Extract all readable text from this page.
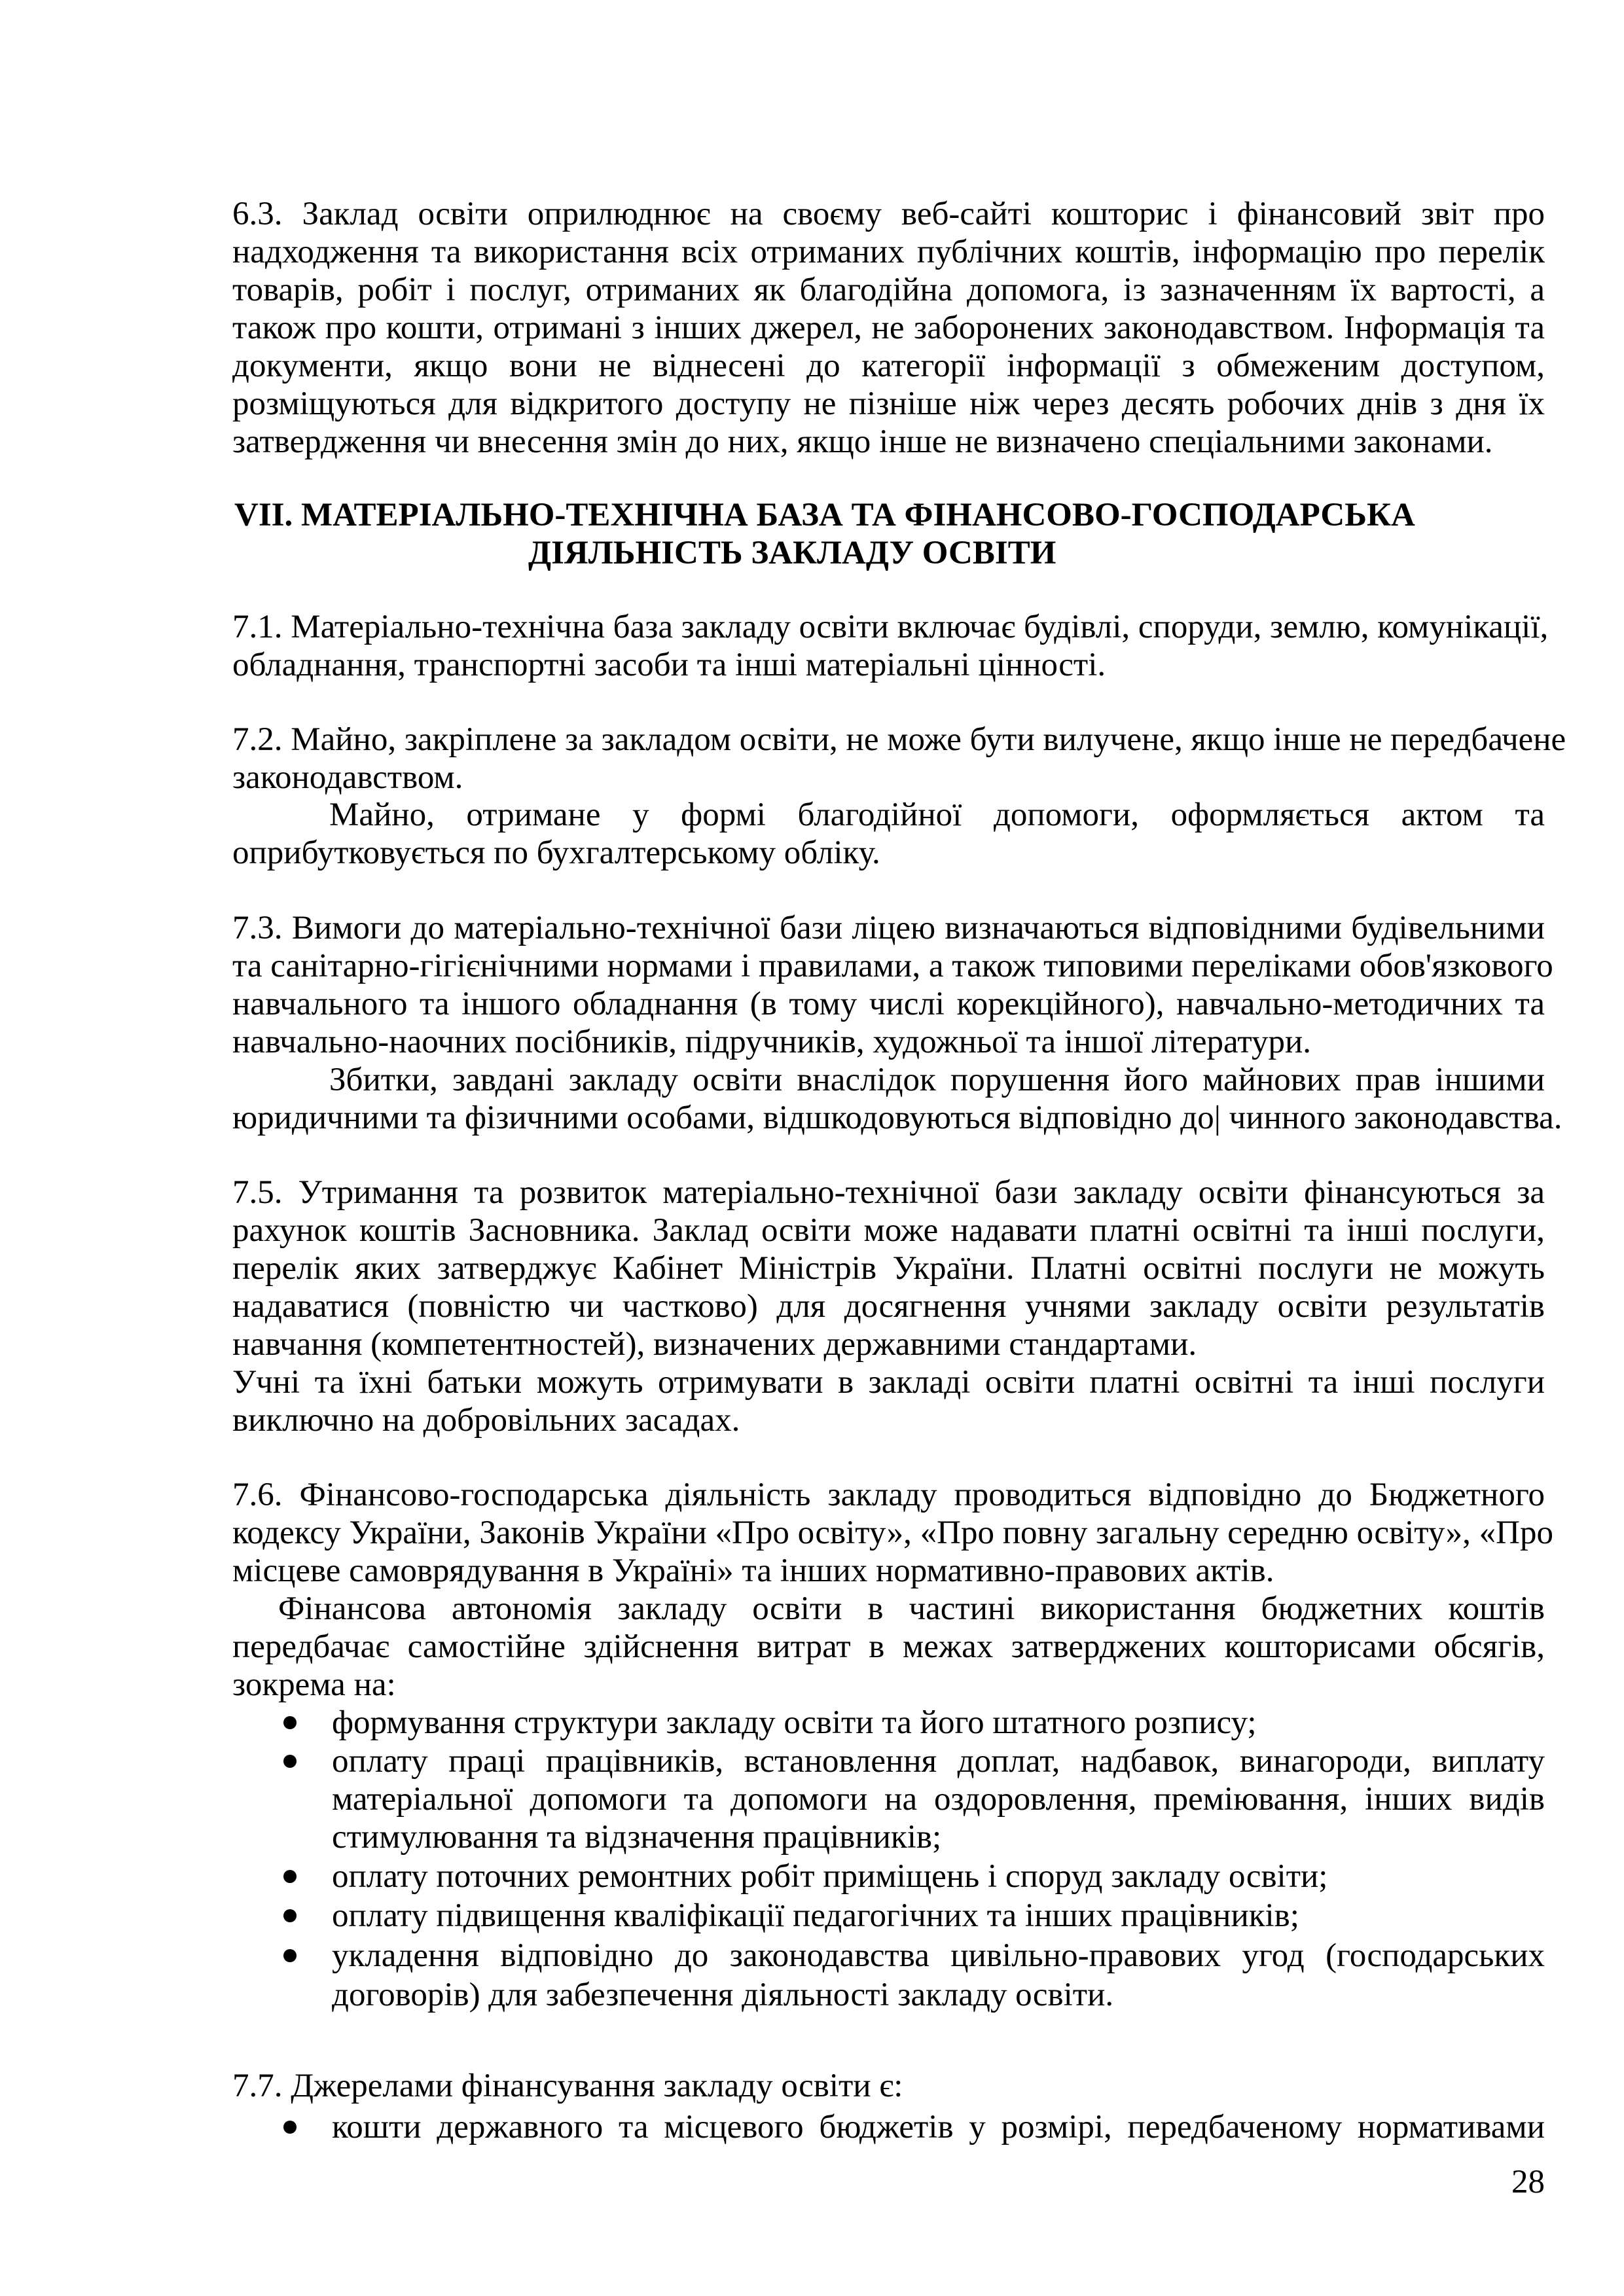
6.3. Заклад освіти оприлюднює на своєму веб-сайті кошторис і фінансовий звіт про
надходження та використання всіх отриманих публічних коштів, інформацію про перелік
товарів, робіт і послуг, отриманих як благодійна допомога, із зазначенням їх вартості, а
також про кошти, отримані з інших джерел, не заборонених законодавством. Інформація та
документи, якщо вони не віднесені до категорії інформації з обмеженим доступом,
розміщуються для відкритого доступу не пізніше ніж через десять робочих днів з дня їх
затвердження чи внесення змін до них, якщо інше не визначено спеціальними законами.
VII. МАТЕРІАЛЬНО-ТЕХНІЧНА БАЗА ТА ФІНАНСОВО-ГОСПОДАРСЬКА
ДІЯЛЬНІСТЬ ЗАКЛАДУ ОСВІТИ
7.1. Матеріально-технічна база закладу освіти включає будівлі, споруди, землю, комунікації,
обладнання, транспортні засоби та інші матеріальні цінності.
7.2. Майно, закріплене за закладом освіти, не може бути вилучене, якщо інше не передбачене
законодавством.
Майно, отримане у формі благодійної допомоги, оформляється актом та
оприбутковується по бухгалтерському обліку.
7.3. Вимоги до матеріально-технічної бази ліцею визначаються відповідними будівельними
та санітарно-гігієнічними нормами і правилами, а також типовими переліками обов'язкового
навчального та іншого обладнання (в тому числі корекційного), навчально-методичних та
навчально-наочних посібників, підручників, художньої та іншої літератури.
Збитки, завдані закладу освіти внаслідок порушення його майнових прав іншими
юридичними та фізичними особами, відшкодовуються відповідно до| чинного законодавства.
7.5. Утримання та розвиток матеріально-технічної бази закладу освіти фінансуються за
рахунок коштів Засновника. Заклад освіти може надавати платні освітні та інші послуги,
перелік яких затверджує Кабінет Міністрів України. Платні освітні послуги не можуть
надаватися (повністю чи частково) для досягнення учнями закладу освіти результатів
навчання (компетентностей), визначених державними стандартами.
Учні та їхні батьки можуть отримувати в закладі освіти платні освітні та інші послуги
виключно на добровільних засадах.
7.6. Фінансово-господарська діяльність закладу проводиться відповідно до Бюджетного
кодексу України, Законів України «Про освіту», «Про повну загальну середню освіту», «Про
місцеве самоврядування в Україні» та інших нормативно-правових актів.
Фінансова автономія закладу освіти в частині використання бюджетних коштів
передбачає самостійне здійснення витрат в межах затверджених кошторисами обсягів,
зокрема на:
формування структури закладу освіти та його штатного розпису;
оплату праці працівників, встановлення доплат, надбавок, винагороди, виплату
матеріальної допомоги та допомоги на оздоровлення, преміювання, інших видів
стимулювання та відзначення працівників;
оплату поточних ремонтних робіт приміщень і споруд закладу освіти;
оплату підвищення кваліфікації педагогічних та інших працівників;
укладення відповідно до законодавства цивільно-правових угод (господарських
договорів) для забезпечення діяльності закладу освіти.
7.7. Джерелами фінансування закладу освіти є:
кошти державного та місцевого бюджетів у розмірі, передбаченому нормативами
28
